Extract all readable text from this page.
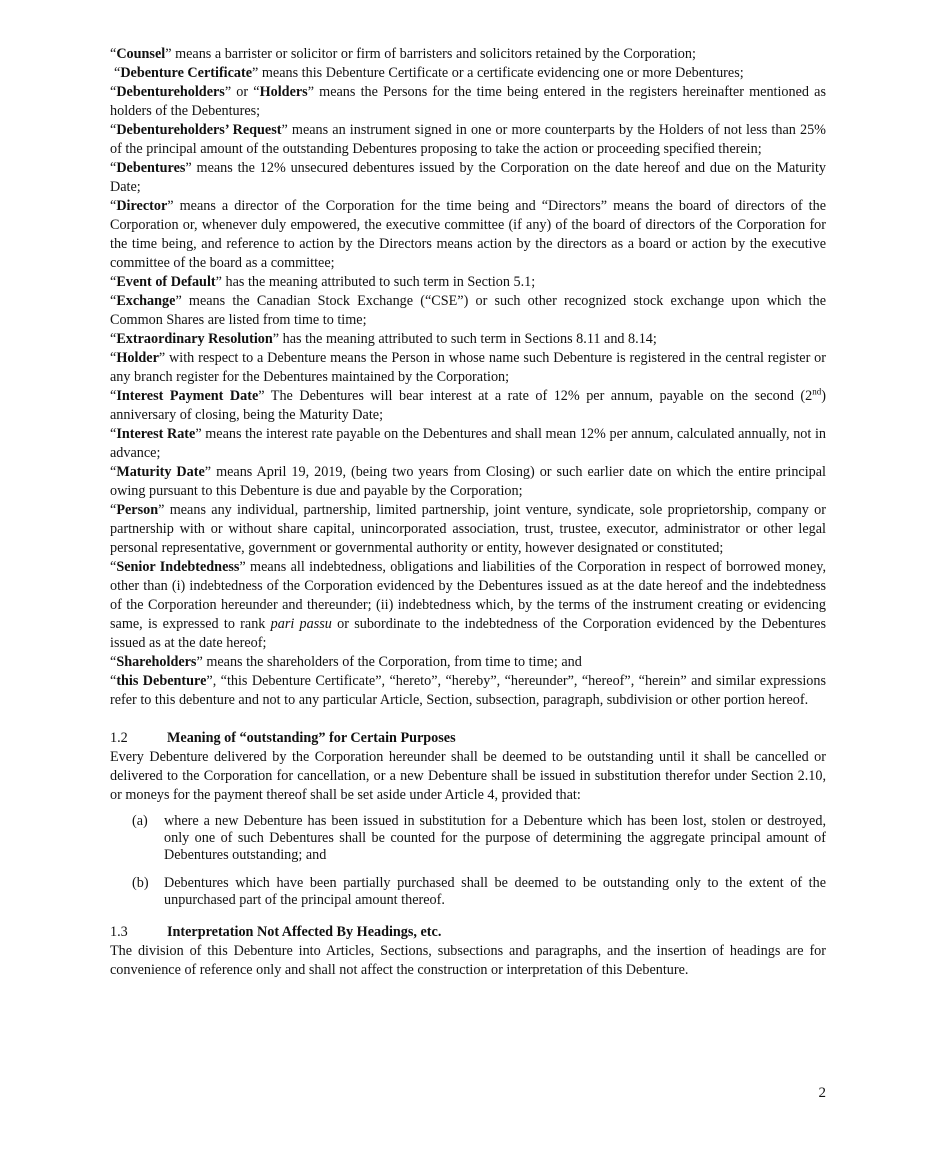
“Counsel” means a barrister or solicitor or firm of barristers and solicitors retained by the Corporation;

“Debenture Certificate” means this Debenture Certificate or a certificate evidencing one or more Debentures;

“Debentureholders” or “Holders” means the Persons for the time being entered in the registers hereinafter mentioned as holders of the Debentures;

“Debentureholders’ Request” means an instrument signed in one or more counterparts by the Holders of not less than 25% of the principal amount of the outstanding Debentures proposing to take the action or proceeding specified therein;

“Debentures” means the 12% unsecured debentures issued by the Corporation on the date hereof and due on the Maturity Date;

“Director” means a director of the Corporation for the time being and “Directors” means the board of directors of the Corporation or, whenever duly empowered, the executive committee (if any) of the board of directors of the Corporation for the time being, and reference to action by the Directors means action by the directors as a board or action by the executive committee of the board as a committee;

“Event of Default” has the meaning attributed to such term in Section 5.1;

“Exchange” means the Canadian Stock Exchange (“CSE”) or such other recognized stock exchange upon which the Common Shares are listed from time to time;

“Extraordinary Resolution” has the meaning attributed to such term in Sections 8.11 and 8.14;

“Holder” with respect to a Debenture means the Person in whose name such Debenture is registered in the central register or any branch register for the Debentures maintained by the Corporation;

“Interest Payment Date” The Debentures will bear interest at a rate of 12% per annum, payable on the second (2nd) anniversary of closing, being the Maturity Date;

“Interest Rate” means the interest rate payable on the Debentures and shall mean 12% per annum, calculated annually, not in advance;

“Maturity Date” means April 19, 2019, (being two years from Closing) or such earlier date on which the entire principal owing pursuant to this Debenture is due and payable by the Corporation;

“Person” means any individual, partnership, limited partnership, joint venture, syndicate, sole proprietorship, company or partnership with or without share capital, unincorporated association, trust, trustee, executor, administrator or other legal personal representative, government or governmental authority or entity, however designated or constituted;

“Senior Indebtedness” means all indebtedness, obligations and liabilities of the Corporation in respect of borrowed money, other than (i) indebtedness of the Corporation evidenced by the Debentures issued as at the date hereof and the indebtedness of the Corporation hereunder and thereunder; (ii) indebtedness which, by the terms of the instrument creating or evidencing same, is expressed to rank pari passu or subordinate to the indebtedness of the Corporation evidenced by the Debentures issued as at the date hereof;

“Shareholders” means the shareholders of the Corporation, from time to time; and

“this Debenture”, “this Debenture Certificate”, “hereto”, “hereby”, “hereunder”, “hereof”, “herein” and similar expressions refer to this debenture and not to any particular Article, Section, subsection, paragraph, subdivision or other portion hereof.

1.2	Meaning of “outstanding” for Certain Purposes

Every Debenture delivered by the Corporation hereunder shall be deemed to be outstanding until it shall be cancelled or delivered to the Corporation for cancellation, or a new Debenture shall be issued in substitution therefor under Section 2.10, or moneys for the payment thereof shall be set aside under Article 4, provided that:

(a)	where a new Debenture has been issued in substitution for a Debenture which has been lost, stolen or destroyed, only one of such Debentures shall be counted for the purpose of determining the aggregate principal amount of Debentures outstanding; and
(b)	Debentures which have been partially purchased shall be deemed to be outstanding only to the extent of the unpurchased part of the principal amount thereof.

1.3	Interpretation Not Affected By Headings, etc.

The division of this Debenture into Articles, Sections, subsections and paragraphs, and the insertion of headings are for convenience of reference only and shall not affect the construction or interpretation of this Debenture.

2
